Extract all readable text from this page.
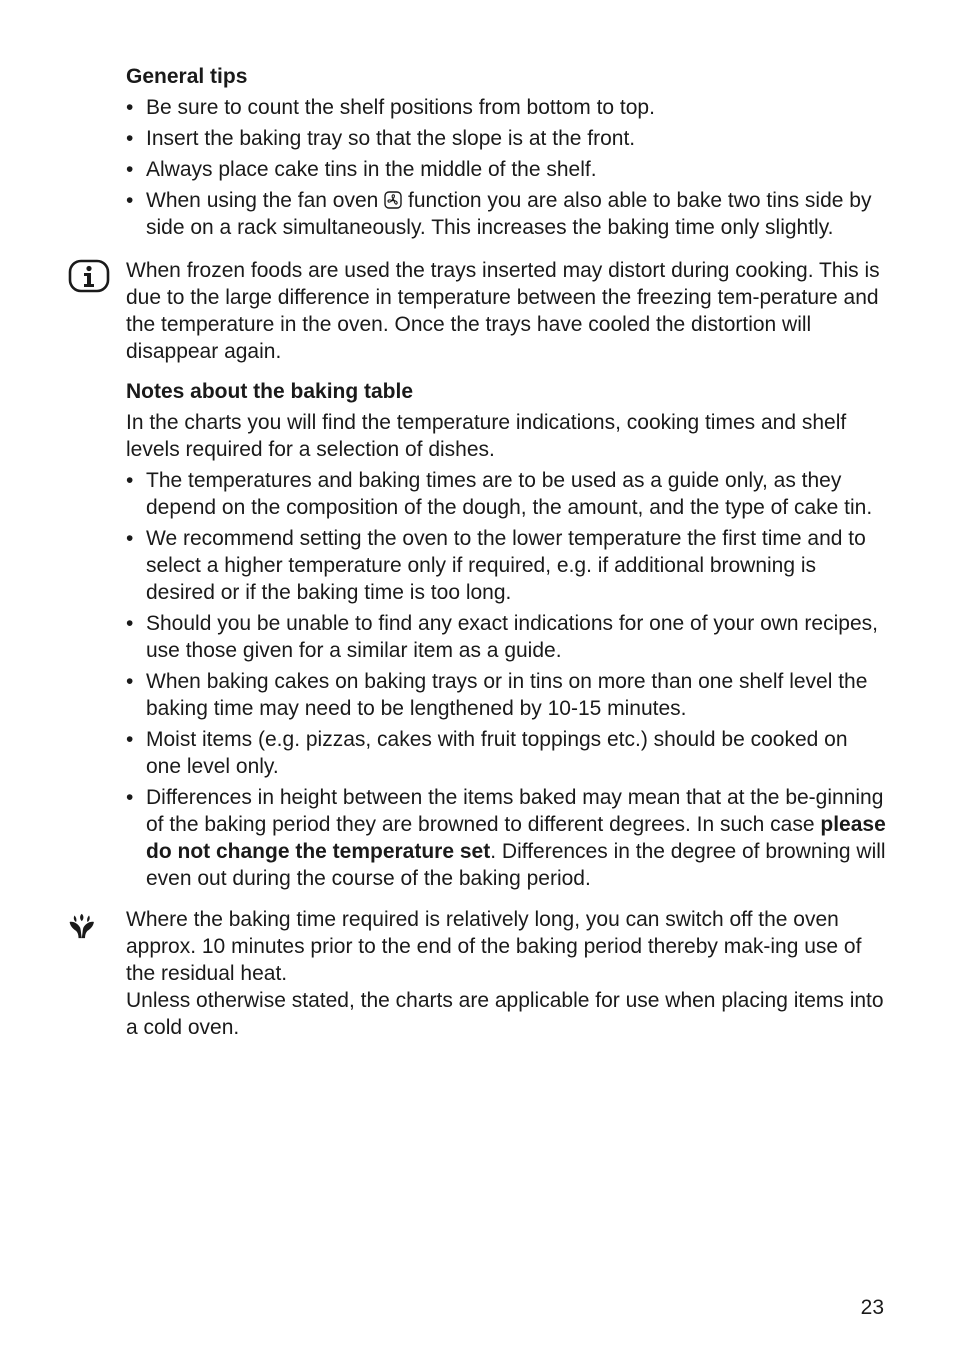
General tips
• Be sure to count the shelf positions from bottom to top.
• Insert the baking tray so that the slope is at the front.
• Always place cake tins in the middle of the shelf.
• When using the fan oven function you are also able to bake two tins side by side on a rack simultaneously. This increases the baking time only slightly.

When frozen foods are used the trays inserted may distort during cooking. This is due to the large difference in temperature between the freezing tem-perature and the temperature in the oven. Once the trays have cooled the distortion will disappear again.

Notes about the baking table

In the charts you will find the temperature indications, cooking times and shelf levels required for a selection of dishes.

• The temperatures and baking times are to be used as a guide only, as they depend on the composition of the dough, the amount, and the type of cake tin.
• We recommend setting the oven to the lower temperature the first time and to select a higher temperature only if required, e.g. if additional browning is desired or if the baking time is too long.
• Should you be unable to find any exact indications for one of your own recipes, use those given for a similar item as a guide.
• When baking cakes on baking trays or in tins on more than one shelf level the baking time may need to be lengthened by 10-15 minutes.
• Moist items (e.g. pizzas, cakes with fruit toppings etc.) should be cooked on one level only.
• Differences in height between the items baked may mean that at the be-ginning of the baking period they are browned to different degrees. In such case please do not change the temperature set. Differences in the degree of browning will even out during the course of the baking period.

Where the baking time required is relatively long, you can switch off the oven approx. 10 minutes prior to the end of the baking period thereby mak-ing use of the residual heat.

Unless otherwise stated, the charts are applicable for use when placing items into a cold oven.

23
